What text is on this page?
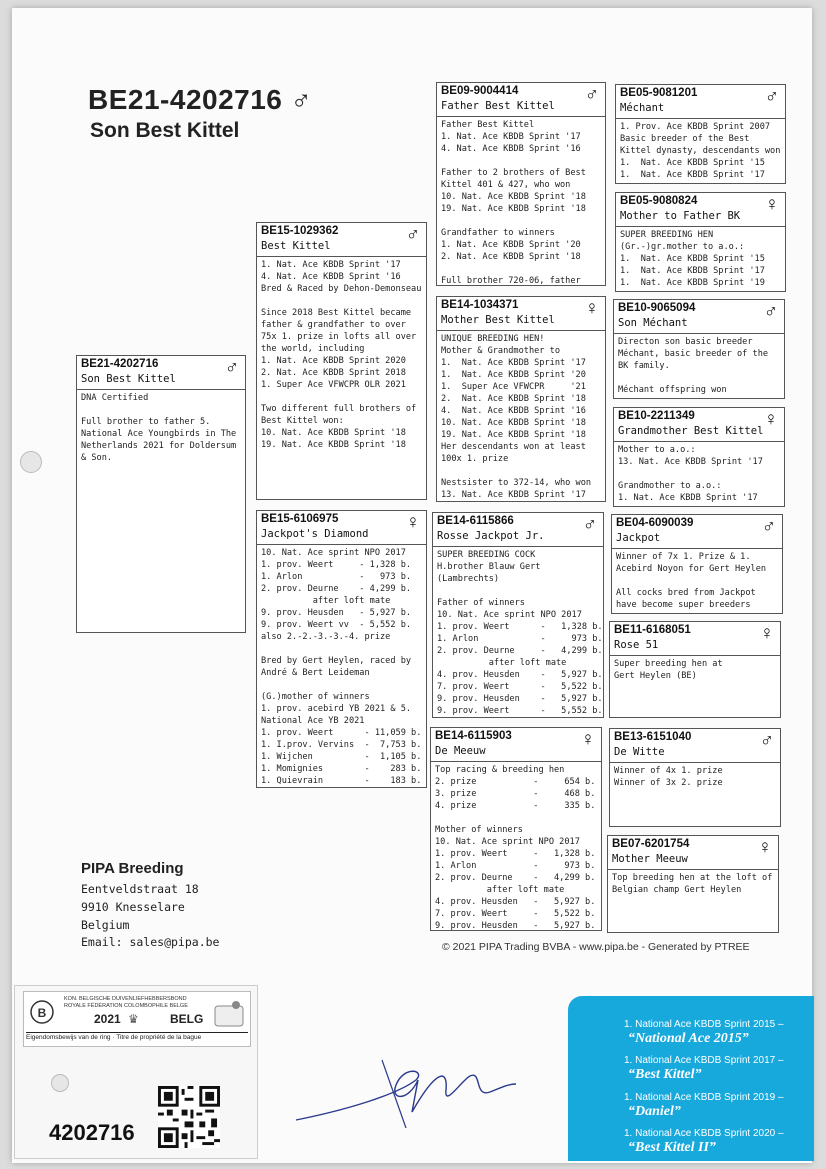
BE21-4202716 ♂
Son Best Kittel
BE21-4202716
Son Best Kittel
♂
DNA Certified

Full brother to father 5.
National Ace Youngbirds in The
Netherlands 2021 for Doldersum
& Son.
BE15-1029362
Best Kittel
♂
1. Nat. Ace KBDB Sprint '17
4. Nat. Ace KBDB Sprint '16
Bred & Raced by Dehon-Demonseau

Since 2018 Best Kittel became
father & grandfather to over
75x 1. prize in lofts all over
the world, including
1. Nat. Ace KBDB Sprint 2020
2. Nat. Ace KBDB Sprint 2018
1. Super Ace VFWCPR OLR 2021

Two different full brothers of
Best Kittel won:
10. Nat. Ace KBDB Sprint '18
19. Nat. Ace KBDB Sprint '18
BE15-6106975
Jackpot's Diamond
♀
10. Nat. Ace sprint NPO 2017
1. prov. Weert     - 1,328 b.
1. Arlon           -   973 b.
2. prov. Deurne    - 4,299 b.
after loft mate
9. prov. Heusden   - 5,927 b.
9. prov. Weert vv  - 5,552 b.
also 2.-2.-3.-3.-4. prize

Bred by Gert Heylen, raced by
André & Bert Leideman

(G.)mother of winners
1. prov. acebird YB 2021 & 5.
National Ace YB 2021
1. prov. Weert      - 11,059 b.
1. I.prov. Vervins  -  7,753 b.
1. Wijchen          -  1,105 b.
1. Momignies        -    283 b.
1. Quievrain        -    183 b.
BE09-9004414
Father Best Kittel
♂
Father Best Kittel
1. Nat. Ace KBDB Sprint '17
4. Nat. Ace KBDB Sprint '16

Father to 2 brothers of Best
Kittel 401 & 427, who won
10. Nat. Ace KBDB Sprint '18
19. Nat. Ace KBDB Sprint '18

Grandfather to winners
1. Nat. Ace KBDB Sprint '20
2. Nat. Ace KBDB Sprint '18

Full brother 720-06, father
BE14-1034371
Mother Best Kittel
♀
UNIQUE BREEDING HEN!
Mother & Grandmother to
1.  Nat. Ace KBDB Sprint '17
1.  Nat. Ace KBDB Sprint '20
1.  Super Ace VFWCPR     '21
2.  Nat. Ace KBDB Sprint '18
4.  Nat. Ace KBDB Sprint '16
10. Nat. Ace KBDB Sprint '18
19. Nat. Ace KBDB Sprint '18
Her descendants won at least
100x 1. prize

Nestsister to 372-14, who won
13. Nat. Ace KBDB Sprint '17
BE14-6115866
Rosse Jackpot Jr.
♂
SUPER BREEDING COCK
H.brother Blauw Gert
(Lambrechts)

Father of winners
10. Nat. Ace sprint NPO 2017
1. prov. Weert      -   1,328 b.
1. Arlon            -     973 b.
2. prov. Deurne     -   4,299 b.
after loft mate
4. prov. Heusden    -   5,927 b.
7. prov. Weert      -   5,522 b.
9. prov. Heusden    -   5,927 b.
9. prov. Weert      -   5,552 b.
BE14-6115903
De Meeuw
♀
Top racing & breeding hen
2. prize           -     654 b.
3. prize           -     468 b.
4. prize           -     335 b.

Mother of winners
10. Nat. Ace sprint NPO 2017
1. prov. Weert     -   1,328 b.
1. Arlon           -     973 b.
2. prov. Deurne    -   4,299 b.
after loft mate
4. prov. Heusden   -   5,927 b.
7. prov. Weert     -   5,522 b.
9. prov. Heusden   -   5,927 b.
BE05-9081201
Méchant
♂
1. Prov. Ace KBDB Sprint 2007
Basic breeder of the Best
Kittel dynasty, descendants won
1.  Nat. Ace KBDB Sprint '15
1.  Nat. Ace KBDB Sprint '17
BE05-9080824
Mother to Father BK
♀
SUPER BREEDING HEN
(Gr.-)gr.mother to a.o.:
1.  Nat. Ace KBDB Sprint '15
1.  Nat. Ace KBDB Sprint '17
1.  Nat. Ace KBDB Sprint '19
BE10-9065094
Son Méchant
♂
Directon son basic breeder
Méchant, basic breeder of the
BK family.

Méchant offspring won
BE10-2211349
Grandmother Best Kittel
♀
Mother to a.o.:
13. Nat. Ace KBDB Sprint '17

Grandmother to a.o.:
1. Nat. Ace KBDB Sprint '17
BE04-6090039
Jackpot
♂
Winner of 7x 1. Prize & 1.
Acebird Noyon for Gert Heylen

All cocks bred from Jackpot
have become super breeders
BE11-6168051
Rose 51
♀
Super breeding hen at
Gert Heylen (BE)
BE13-6151040
De Witte
♂
Winner of 4x 1. prize
Winner of 3x 2. prize
BE07-6201754
Mother Meeuw
♀
Top breeding hen at the loft of
Belgian champ Gert Heylen
PIPA Breeding
Eentveldstraat 18
9910 Knesselare
Belgium
Email: sales@pipa.be	© 2021 PIPA Trading BVBA - www.pipa.be - Generated by PTREE
B
KON. BELGISCHE DUIVENLIEFHEBBERSBOND
ROYALE FÉDÉRATION COLOMBOPHILE BELGE
2021 ♛	BELG
Eigendomsbewijs van de ring · Titre de propriété de la bague
4202716
1. National Ace KBDB Sprint 2015 –
“National Ace 2015”
1. National Ace KBDB Sprint 2017 –
“Best Kittel”
1. National Ace KBDB Sprint 2019 –
“Daniel”
1. National Ace KBDB Sprint 2020 –
“Best Kittel II”
